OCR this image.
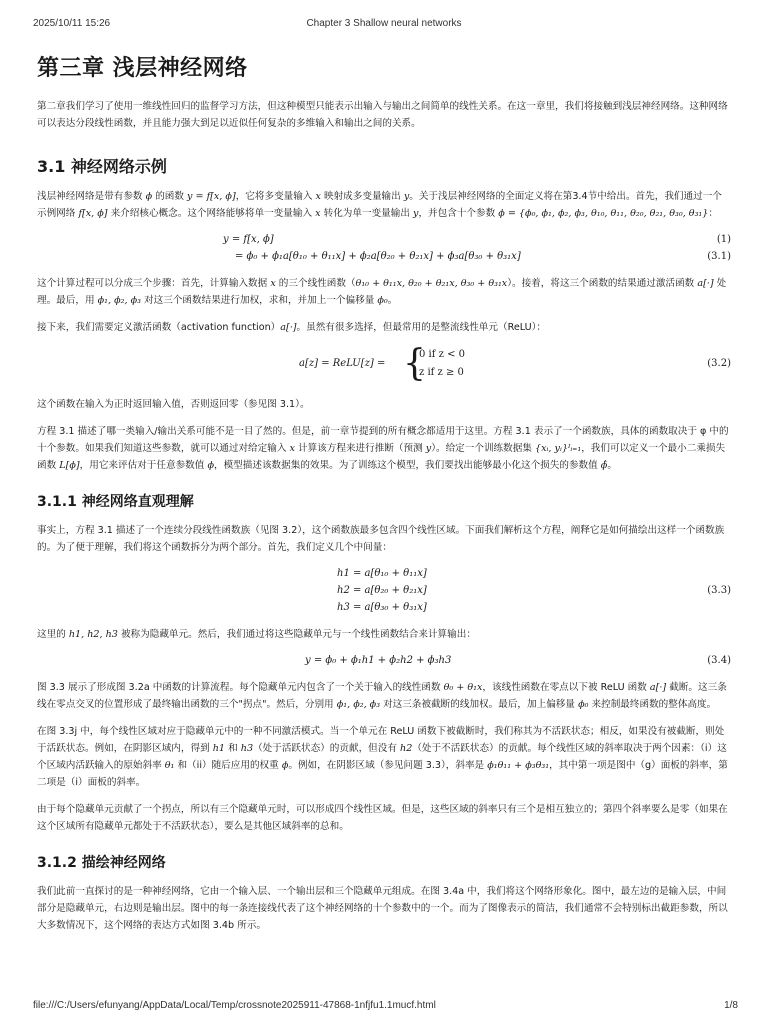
2025/10/11 15:26	Chapter 3 Shallow neural networks
第三章 浅层神经网络

第二章我们学习了使用一维线性回归的监督学习方法，但这种模型只能表示出输入与输出之间简单的线性关系。在这一章里，我们将接触到浅层神经网络。这种网络可以表达分段线性函数，并且能力强大到足以近似任何复杂的多维输入和输出之间的关系。

3.1 神经网络示例

浅层神经网络是带有参数 ϕ 的函数 y = f[x, ϕ]，它将多变量输入 x 映射成多变量输出 y。关于浅层神经网络的全面定义将在第3.4节中给出。首先，我们通过一个示例网络 f[x, ϕ] 来介绍核心概念。这个网络能够将单一变量输入 x 转化为单一变量输出 y，并包含十个参数 ϕ = {ϕ₀, ϕ₁, ϕ₂, ϕ₃, θ₁₀, θ₁₁, θ₂₀, θ₂₁, θ₃₀, θ₃₁}：

y = f[x, ϕ]	(1)
= ϕ₀ + ϕ₁a[θ₁₀ + θ₁₁x] + ϕ₂a[θ₂₀ + θ₂₁x] + ϕ₃a[θ₃₀ + θ₃₁x]	(3.1)

这个计算过程可以分成三个步骤：首先，计算输入数据 x 的三个线性函数（θ₁₀ + θ₁₁x, θ₂₀ + θ₂₁x, θ₃₀ + θ₃₁x）。接着，将这三个函数的结果通过激活函数 a[·] 处理。最后，用 ϕ₁, ϕ₂, ϕ₃ 对这三个函数结果进行加权，求和，并加上一个偏移量 ϕ₀。

接下来，我们需要定义激活函数（activation function）a[·]。虽然有很多选择，但最常用的是整流线性单元（ReLU）：

a[z] = ReLU[z] = {
0 if z < 0
z if z ≥ 0
(3.2)

这个函数在输入为正时返回输入值，否则返回零（参见图 3.1）。

方程 3.1 描述了哪一类输入/输出关系可能不是一目了然的。但是，前一章节提到的所有概念都适用于这里。方程 3.1 表示了一个函数族，具体的函数取决于 φ 中的十个参数。如果我们知道这些参数，就可以通过对给定输入 x 计算该方程来进行推断（预测 y）。给定一个训练数据集 {xᵢ, yᵢ}ᴵᵢ₌₁，我们可以定义一个最小二乘损失函数 L[ϕ]，用它来评估对于任意参数值 ϕ，模型描述该数据集的效果。为了训练这个模型，我们要找出能够最小化这个损失的参数值 ϕ̂。

3.1.1 神经网络直观理解

事实上，方程 3.1 描述了一个连续分段线性函数族（见图 3.2），这个函数族最多包含四个线性区域。下面我们解析这个方程，阐释它是如何描绘出这样一个函数族的。为了便于理解，我们将这个函数拆分为两个部分。首先，我们定义几个中间量：

h1 = a[θ₁₀ + θ₁₁x]
h2 = a[θ₂₀ + θ₂₁x]	(3.3)
h3 = a[θ₃₀ + θ₃₁x]

这里的 h1, h2, h3 被称为隐藏单元。然后，我们通过将这些隐藏单元与一个线性函数结合来计算输出：

y = ϕ₀ + ϕ₁h1 + ϕ₂h2 + ϕ₃h3	(3.4)

图 3.3 展示了形成图 3.2a 中函数的计算流程。每个隐藏单元内包含了一个关于输入的线性函数 θ₀ + θ₁x，该线性函数在零点以下被 ReLU 函数 a[·] 截断。这三条线在零点交叉的位置形成了最终输出函数的三个"拐点"。然后，分别用 ϕ₁, ϕ₂, ϕ₃ 对这三条被截断的线加权。最后，加上偏移量 ϕ₀ 来控制最终函数的整体高度。

在图 3.3j 中，每个线性区域对应于隐藏单元中的一种不同激活模式。当一个单元在 ReLU 函数下被截断时，我们称其为不活跃状态；相反，如果没有被截断，则处于活跃状态。例如，在阴影区域内，得到 h1 和 h3（处于活跃状态）的贡献，但没有 h2（处于不活跃状态）的贡献。每个线性区域的斜率取决于两个因素：（i）这个区域内活跃输入的原始斜率 θ₁ 和（ii）随后应用的权重 ϕ。例如，在阴影区域（参见问题 3.3），斜率是 ϕ₁θ₁₁ + ϕ₃θ₃₁，其中第一项是图中（g）面板的斜率，第二项是（i）面板的斜率。

由于每个隐藏单元贡献了一个拐点，所以有三个隐藏单元时，可以形成四个线性区域。但是，这些区域的斜率只有三个是相互独立的；第四个斜率要么是零（如果在这个区域所有隐藏单元都处于不活跃状态），要么是其他区域斜率的总和。

3.1.2 描绘神经网络

我们此前一直探讨的是一种神经网络，它由一个输入层、一个输出层和三个隐藏单元组成。在图 3.4a 中，我们将这个网络形象化。图中，最左边的是输入层，中间部分是隐藏单元，右边则是输出层。图中的每一条连接线代表了这个神经网络的十个参数中的一个。而为了图像表示的简洁，我们通常不会特别标出截距参数，所以大多数情况下，这个网络的表达方式如图 3.4b 所示。

file:///C:/Users/efunyang/AppData/Local/Temp/crossnote2025911-47868-1nfjfu1.1mucf.html	1/8
